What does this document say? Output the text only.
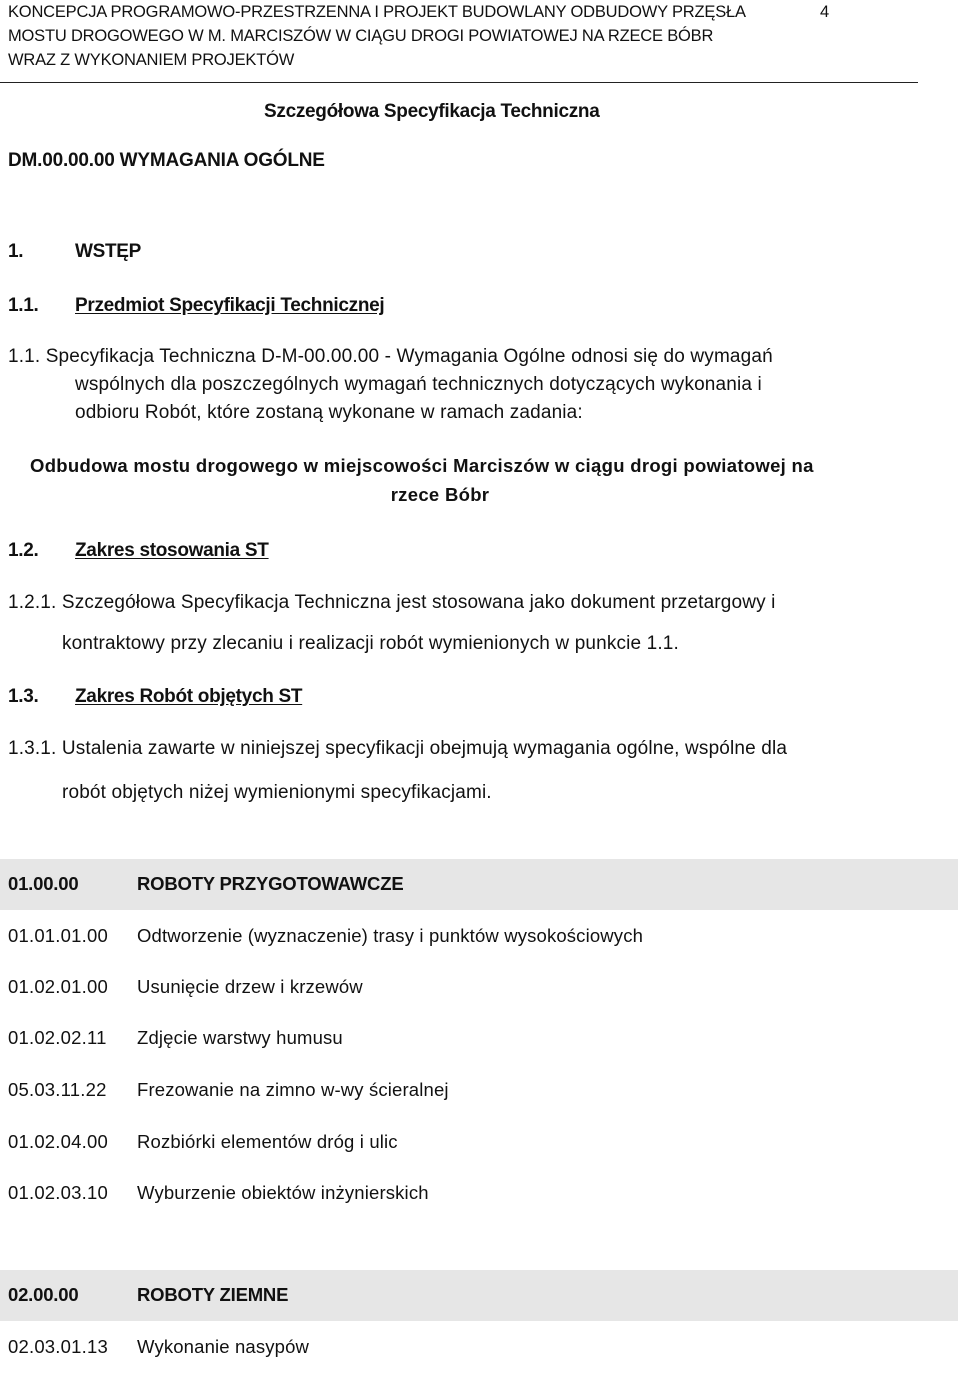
KONCEPCJA PROGRAMOWO-PRZESTRZENNA I PROJEKT BUDOWLANY ODBUDOWY PRZĘSŁA
MOSTU DROGOWEGO W M. MARCISZÓW W CIĄGU DROGI POWIATOWEJ NA RZECE BÓBR
WRAZ Z WYKONANIEM PROJEKTÓW
4
Szczegółowa Specyfikacja Techniczna
DM.00.00.00 WYMAGANIA OGÓLNE
1.	WSTĘP
1.1. Przedmiot Specyfikacji Technicznej
1.1. Specyfikacja Techniczna D-M-00.00.00 - Wymagania Ogólne odnosi się do wymagań
wspólnych dla poszczególnych wymagań technicznych dotyczących wykonania i
odbioru Robót, które zostaną wykonane w ramach zadania:
Odbudowa mostu drogowego w miejscowości Marciszów w ciągu drogi powiatowej na
rzece Bóbr
1.2. Zakres stosowania ST
1.2.1. Szczegółowa Specyfikacja Techniczna jest stosowana jako dokument przetargowy i
kontraktowy przy zlecaniu i realizacji robót wymienionych w punkcie 1.1.
1.3. Zakres Robót objętych ST
1.3.1. Ustalenia zawarte w niniejszej specyfikacji obejmują wymagania ogólne, wspólne dla
robót objętych niżej wymienionymi specyfikacjami.
01.00.00	ROBOTY PRZYGOTOWAWCZE
01.01.01.00 Odtworzenie (wyznaczenie) trasy i punktów wysokościowych
01.02.01.00 Usunięcie drzew i krzewów
01.02.02.11 Zdjęcie warstwy humusu
05.03.11.22 Frezowanie na zimno w-wy ścieralnej
01.02.04.00 Rozbiórki elementów dróg i ulic
01.02.03.10 Wyburzenie obiektów inżynierskich
02.00.00	ROBOTY ZIEMNE
02.03.01.13 Wykonanie nasypów
